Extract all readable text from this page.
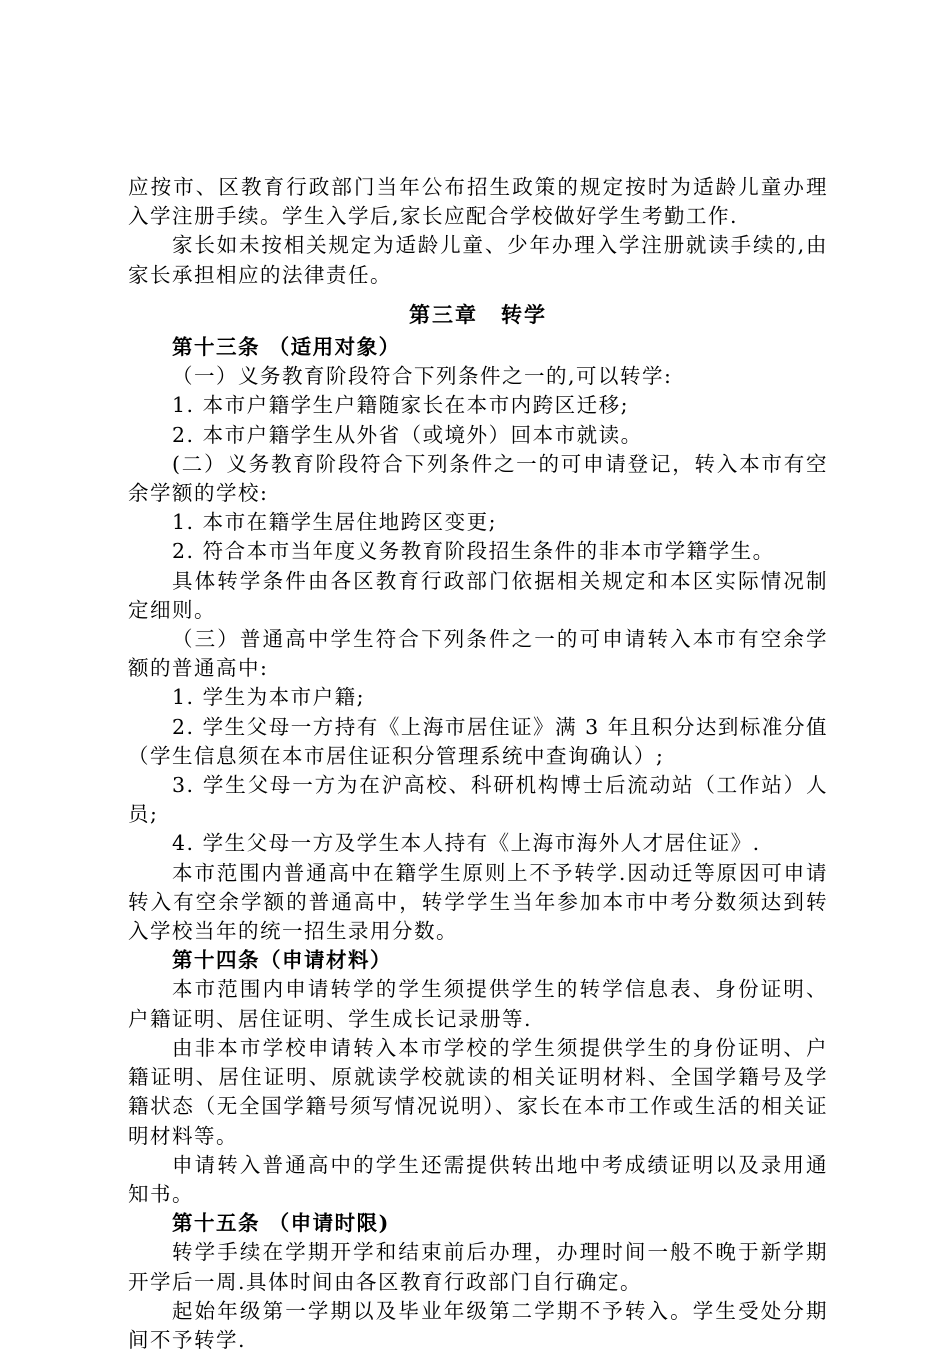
应按市、区教育行政部门当年公布招生政策的规定按时为适龄儿童办理入学注册手续。学生入学后,家长应配合学校做好学生考勤工作.

家长如未按相关规定为适龄儿童、少年办理入学注册就读手续的,由家长承担相应的法律责任。

第三章　转学

第十三条 （适用对象）

（一）义务教育阶段符合下列条件之一的,可以转学:

1. 本市户籍学生户籍随家长在本市内跨区迁移;

2. 本市户籍学生从外省（或境外）回本市就读。

(二）义务教育阶段符合下列条件之一的可申请登记，转入本市有空余学额的学校:

1. 本市在籍学生居住地跨区变更;

2. 符合本市当年度义务教育阶段招生条件的非本市学籍学生。

具体转学条件由各区教育行政部门依据相关规定和本区实际情况制定细则。

（三）普通高中学生符合下列条件之一的可申请转入本市有空余学额的普通高中:

1. 学生为本市户籍;

2. 学生父母一方持有《上海市居住证》满 3 年且积分达到标准分值（学生信息须在本市居住证积分管理系统中查询确认）;

3. 学生父母一方为在沪高校、科研机构博士后流动站（工作站）人员;

4. 学生父母一方及学生本人持有《上海市海外人才居住证》.

本市范围内普通高中在籍学生原则上不予转学.因动迁等原因可申请转入有空余学额的普通高中，转学学生当年参加本市中考分数须达到转入学校当年的统一招生录用分数。

第十四条（申请材料）

本市范围内申请转学的学生须提供学生的转学信息表、身份证明、户籍证明、居住证明、学生成长记录册等.

由非本市学校申请转入本市学校的学生须提供学生的身份证明、户籍证明、居住证明、原就读学校就读的相关证明材料、全国学籍号及学籍状态（无全国学籍号须写情况说明）、家长在本市工作或生活的相关证明材料等。

申请转入普通高中的学生还需提供转出地中考成绩证明以及录用通知书。

第十五条 （申请时限)

转学手续在学期开学和结束前后办理，办理时间一般不晚于新学期开学后一周.具体时间由各区教育行政部门自行确定。

起始年级第一学期以及毕业年级第二学期不予转入。学生受处分期间不予转学.
